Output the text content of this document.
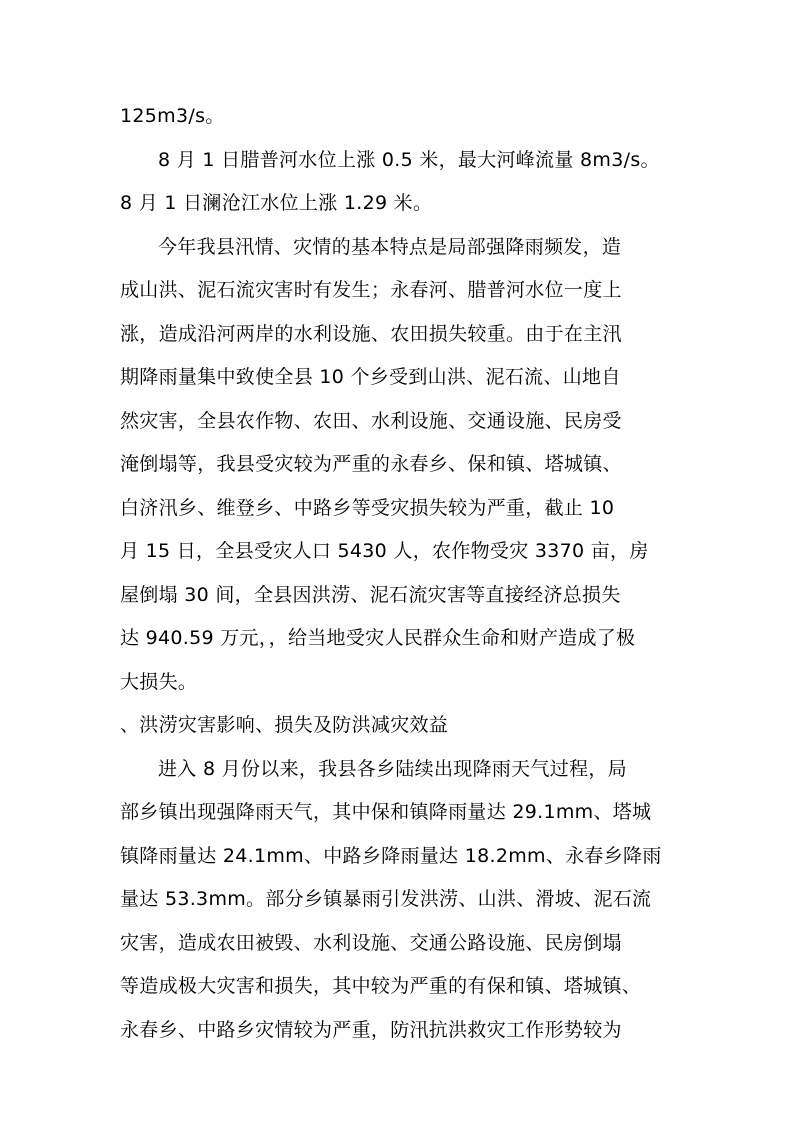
125m3/s。
8 月 1 日腊普河水位上涨 0.5 米，最大河峰流量 8m3/s。
8 月 1 日澜沧江水位上涨 1.29 米。
今年我县汛情、灾情的基本特点是局部强降雨频发，造
成山洪、泥石流灾害时有发生；永春河、腊普河水位一度上
涨，造成沿河两岸的水利设施、农田损失较重。由于在主汛
期降雨量集中致使全县 10 个乡受到山洪、泥石流、山地自
然灾害，全县农作物、农田、水利设施、交通设施、民房受
淹倒塌等，我县受灾较为严重的永春乡、保和镇、塔城镇、
白济汛乡、维登乡、中路乡等受灾损失较为严重，截止 10
月 15 日，全县受灾人口 5430 人，农作物受灾 3370 亩，房
屋倒塌 30 间，全县因洪涝、泥石流灾害等直接经济总损失
达 940.59 万元，，给当地受灾人民群众生命和财产造成了极
大损失。
、洪涝灾害影响、损失及防洪减灾效益
进入 8 月份以来，我县各乡陆续出现降雨天气过程，局
部乡镇出现强降雨天气，其中保和镇降雨量达 29.1mm、塔城
镇降雨量达 24.1mm、中路乡降雨量达 18.2mm、永春乡降雨
量达 53.3mm。部分乡镇暴雨引发洪涝、山洪、滑坡、泥石流
灾害，造成农田被毁、水利设施、交通公路设施、民房倒塌
等造成极大灾害和损失，其中较为严重的有保和镇、塔城镇、
永春乡、中路乡灾情较为严重，防汛抗洪救灾工作形势较为
